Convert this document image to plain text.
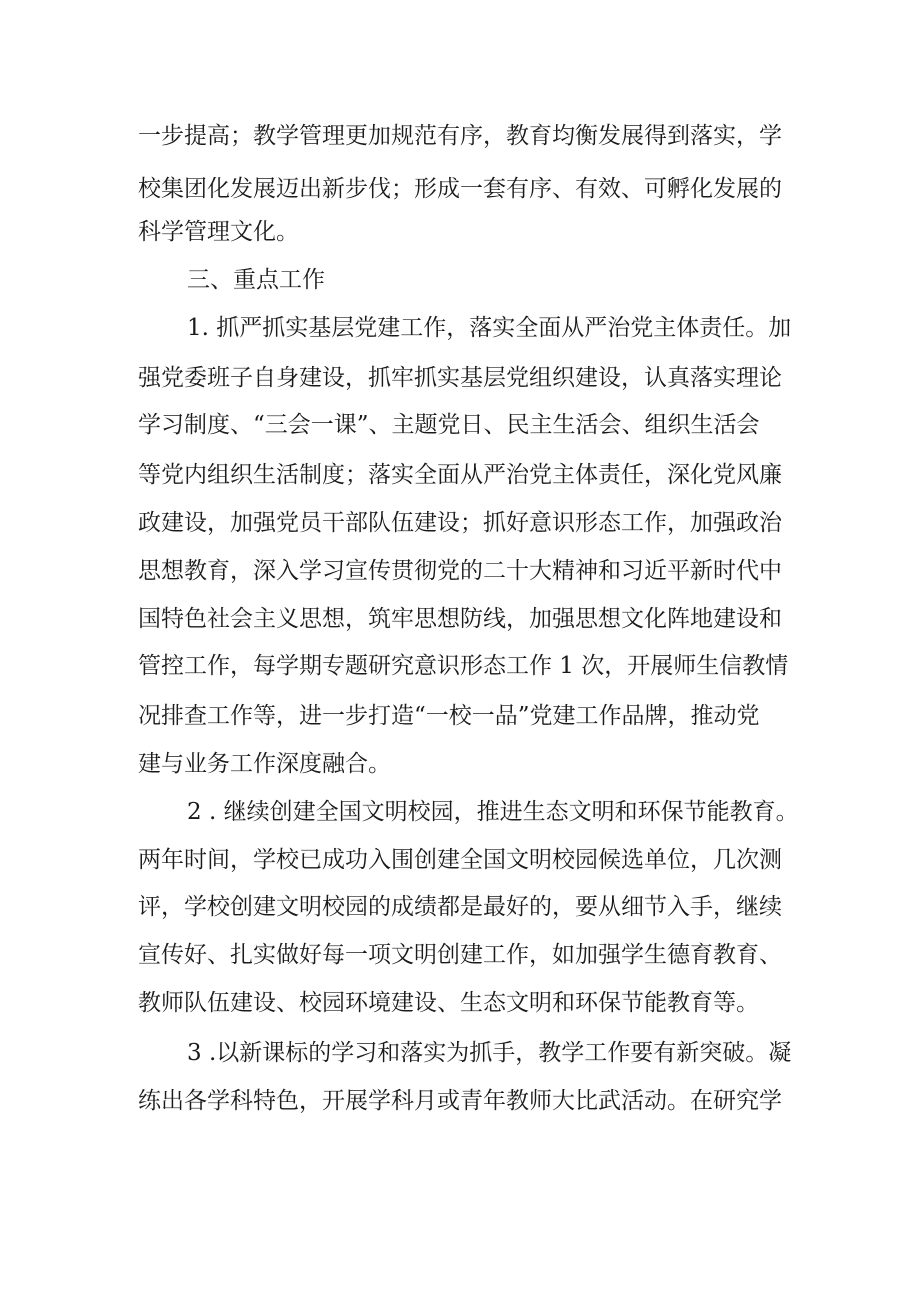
一步提高；教学管理更加规范有序，教育均衡发展得到落实，学
校集团化发展迈出新步伐；形成一套有序、有效、可孵化发展的
科学管理文化。
三、重点工作
1. 抓严抓实基层党建工作，落实全面从严治党主体责任。加
强党委班子自身建设，抓牢抓实基层党组织建设，认真落实理论
学习制度、“三会一课”、主题党日、民主生活会、组织生活会
等党内组织生活制度；落实全面从严治党主体责任，深化党风廉
政建设，加强党员干部队伍建设；抓好意识形态工作，加强政治
思想教育，深入学习宣传贯彻党的二十大精神和习近平新时代中
国特色社会主义思想，筑牢思想防线，加强思想文化阵地建设和
管控工作，每学期专题研究意识形态工作 1 次，开展师生信教情
况排查工作等，进一步打造“一校一品”党建工作品牌，推动党
建与业务工作深度融合。
2 . 继续创建全国文明校园，推进生态文明和环保节能教育。
两年时间，学校已成功入围创建全国文明校园候选单位，几次测
评，学校创建文明校园的成绩都是最好的，要从细节入手，继续
宣传好、扎实做好每一项文明创建工作，如加强学生德育教育、
教师队伍建设、校园环境建设、生态文明和环保节能教育等。
3 .以新课标的学习和落实为抓手，教学工作要有新突破。凝
练出各学科特色，开展学科月或青年教师大比武活动。在研究学
